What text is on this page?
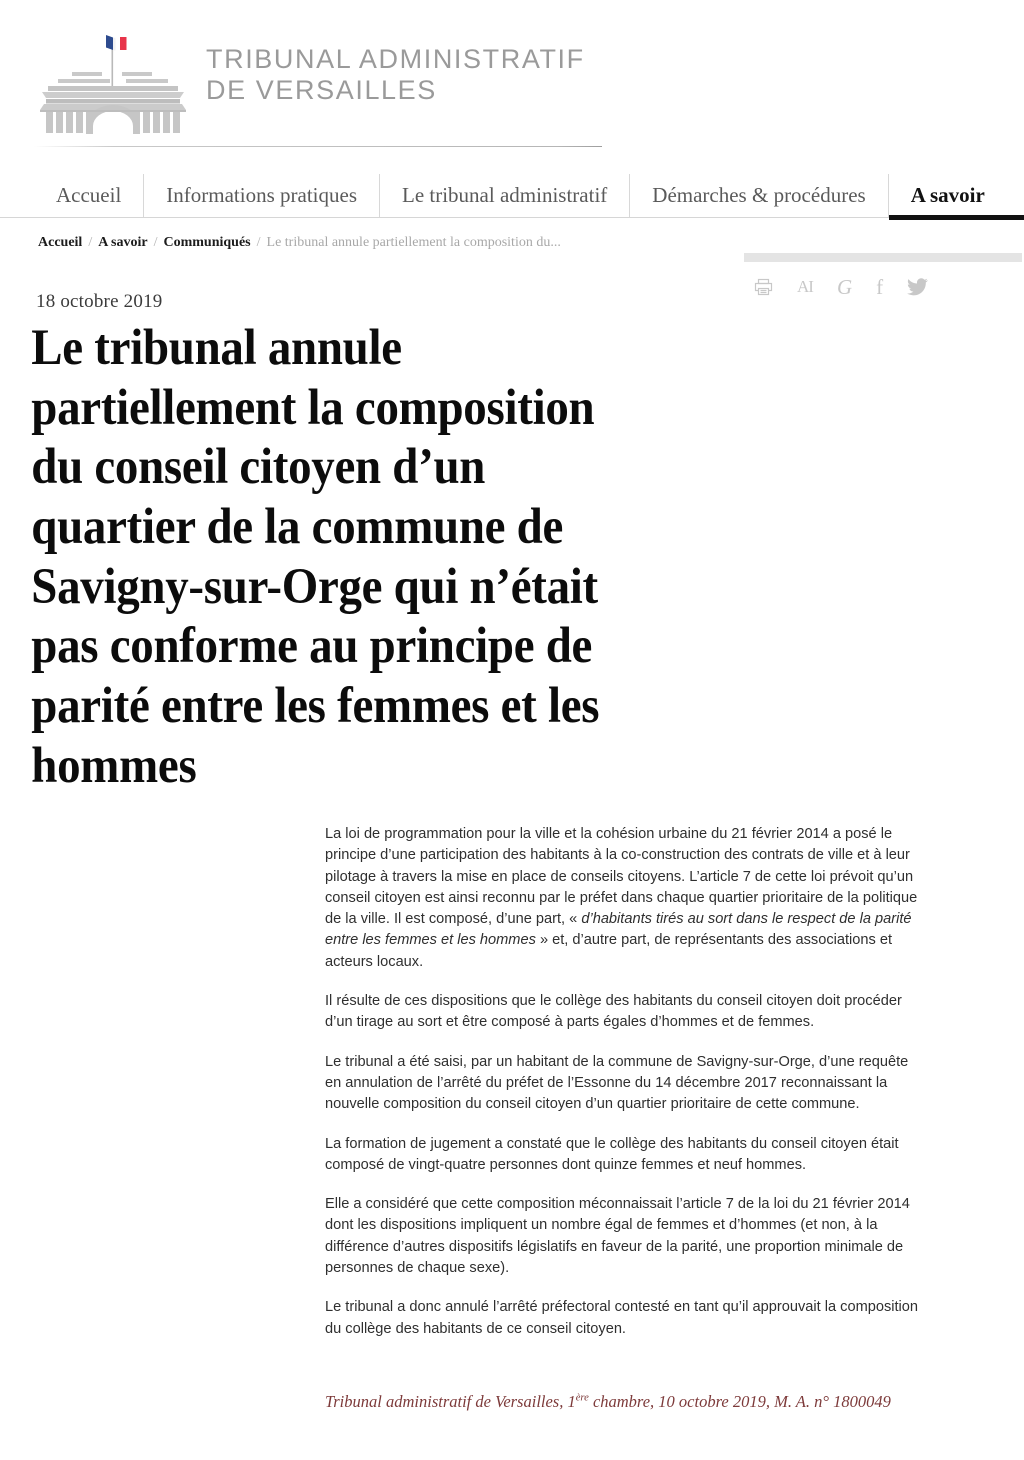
TRIBUNAL ADMINISTRATIF
DE VERSAILLES
Accueil Informations pratiques Le tribunal administratif Démarches & procédures A savoir
Accueil / A savoir / Communiqués / Le tribunal annule partiellement la composition du...
18 octobre 2019
Le tribunal annule partiellement la composition du conseil citoyen d’un quartier de la commune de Savigny-sur-Orge qui n’était pas conforme au principe de parité entre les femmes et les hommes
AI G f

La loi de programmation pour la ville et la cohésion urbaine du 21 février 2014 a posé le principe d’une participation des habitants à la co-construction des contrats de ville et à leur pilotage à travers la mise en place de conseils citoyens. L’article 7 de cette loi prévoit qu’un conseil citoyen est ainsi reconnu par le préfet dans chaque quartier prioritaire de la politique de la ville. Il est composé, d’une part, « d’habitants tirés au sort dans le respect de la parité entre les femmes et les hommes » et, d’autre part, de représentants des associations et acteurs locaux.

Il résulte de ces dispositions que le collège des habitants du conseil citoyen doit procéder d’un tirage au sort et être composé à parts égales d’hommes et de femmes.

Le tribunal a été saisi, par un habitant de la commune de Savigny-sur-Orge, d’une requête en annulation de l’arrêté du préfet de l’Essonne du 14 décembre 2017 reconnaissant la nouvelle composition du conseil citoyen d’un quartier prioritaire de cette commune.

La formation de jugement a constaté que le collège des habitants du conseil citoyen était composé de vingt-quatre personnes dont quinze femmes et neuf hommes.

Elle a considéré que cette composition méconnaissait l’article 7 de la loi du 21 février 2014 dont les dispositions impliquent un nombre égal de femmes et d’hommes (et non, à la différence d’autres dispositifs législatifs en faveur de la parité, une proportion minimale de personnes de chaque sexe).

Le tribunal a donc annulé l’arrêté préfectoral contesté en tant qu’il approuvait la composition du collège des habitants de ce conseil citoyen.

Tribunal administratif de Versailles, 1ère chambre, 10 octobre 2019, M. A. n° 1800049
